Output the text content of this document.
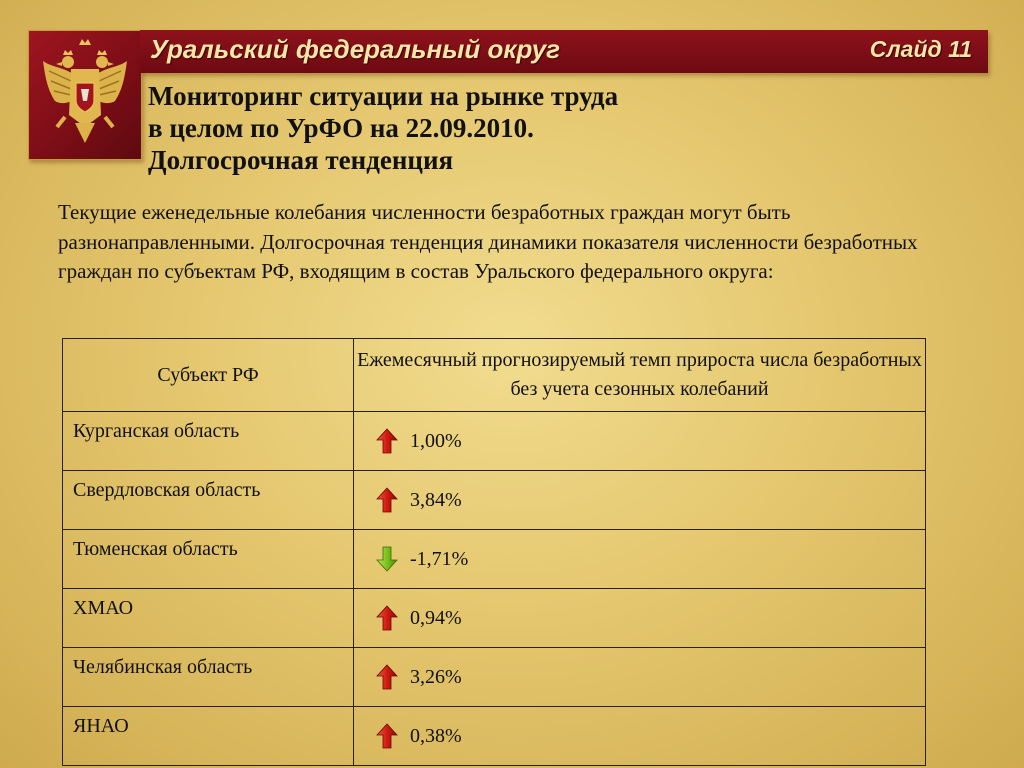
Уральский федеральный округ	Слайд 11
Мониторинг ситуации на рынке труда
в целом по УрФО на 22.09.2010.
Долгосрочная тенденция
Текущие еженедельные колебания численности безработных граждан могут быть разнонаправленными. Долгосрочная тенденция динамики показателя численности безработных граждан по субъектам РФ, входящим в состав Уральского федерального округа:
Субъект РФ	Ежемесячный прогнозируемый темп прироста числа безработных без учета сезонных колебаний
Курганская область	1,00%

Свердловская область	3,84%

Тюменская область	-1,71%

ХМАО	0,94%

Челябинская область	3,26%

ЯНАО	0,38%
